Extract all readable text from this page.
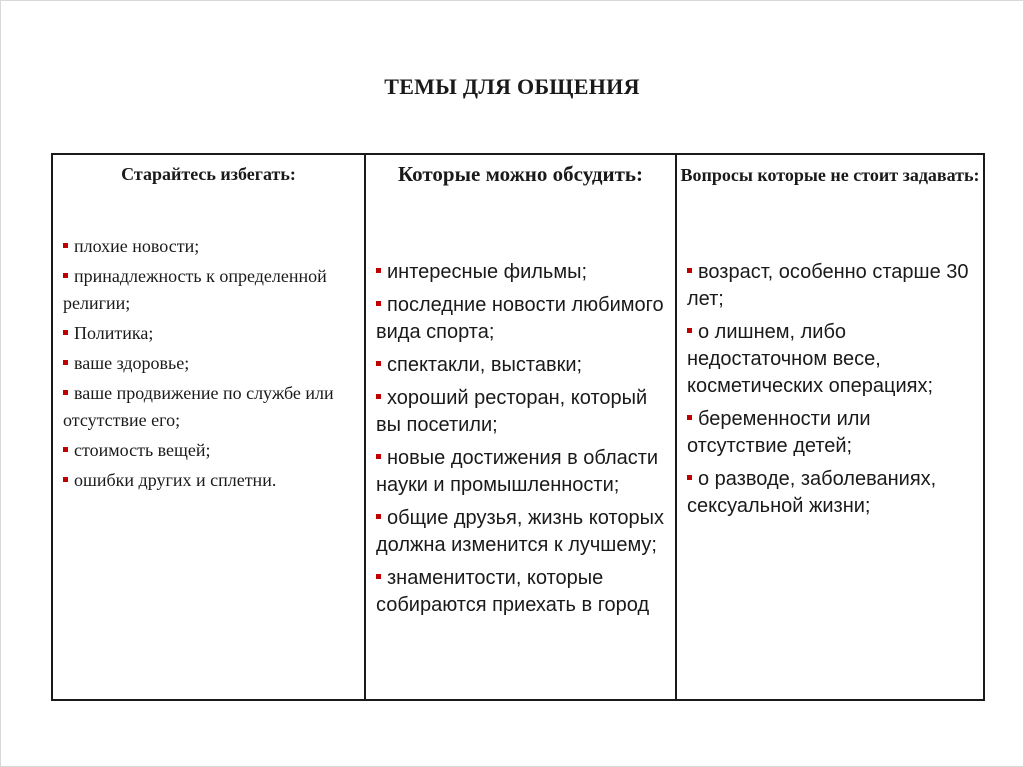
ТЕМЫ ДЛЯ ОБЩЕНИЯ
Старайтесь избегать:
плохие новости;
принадлежность к определенной религии;
Политика;
ваше здоровье;
ваше продвижение по службе или отсутствие его;
стоимость вещей;
ошибки других и сплетни.
Которые можно обсудить:
интересные фильмы;
последние новости любимого вида спорта;
спектакли, выставки;
хороший ресторан, который вы посетили;
новые достижения в области науки и промышленности;
общие друзья, жизнь которых должна изменится к лучшему;
знаменитости, которые собираются приехать в город
Вопросы которые не стоит задавать:
возраст, особенно старше 30 лет;
о лишнем, либо недостаточном весе, косметических операциях;
беременности или отсутствие детей;
о разводе, заболеваниях, сексуальной жизни;
